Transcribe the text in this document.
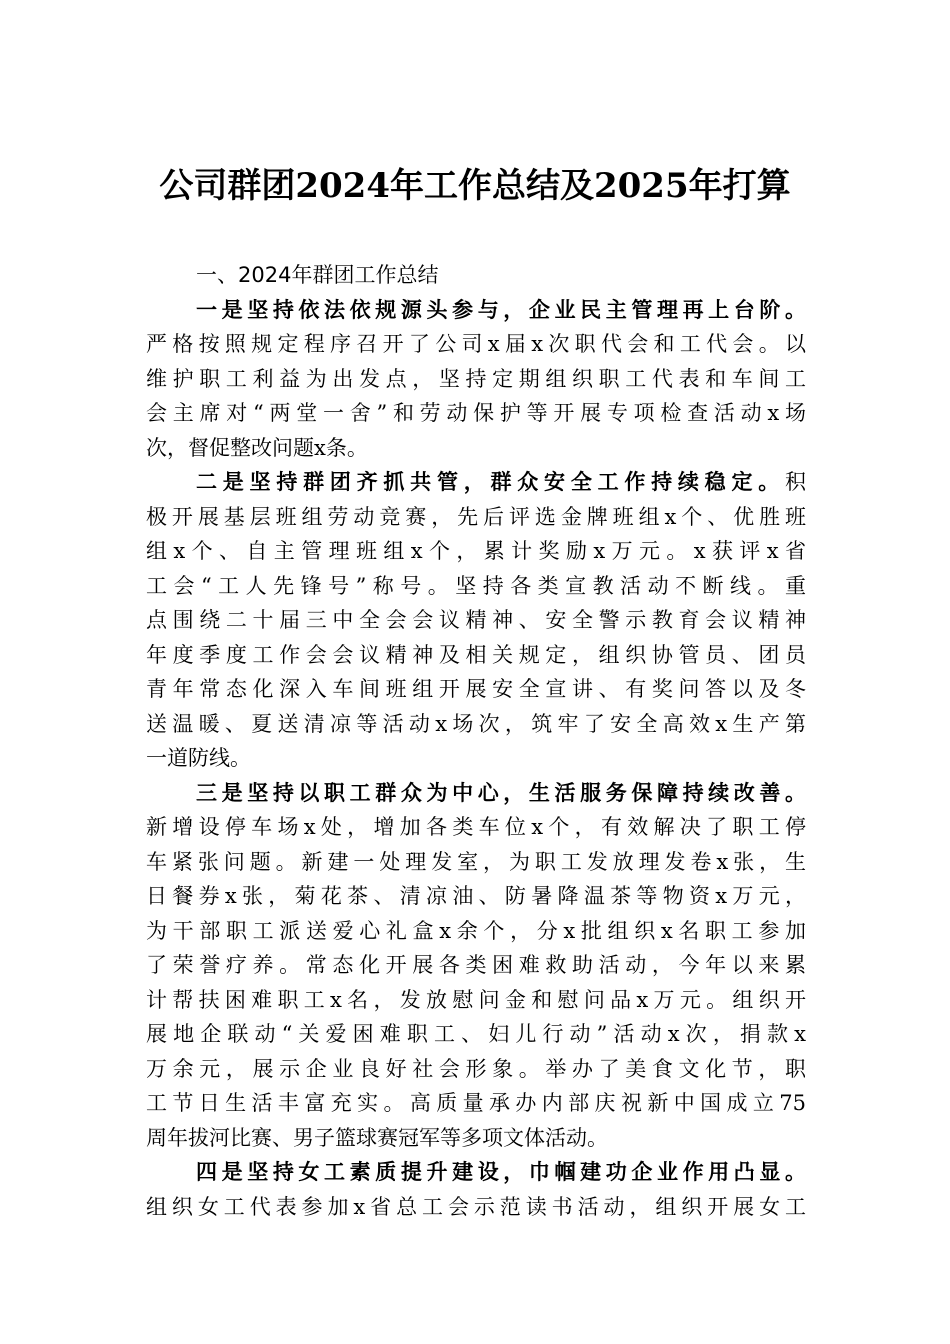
公司群团2024年工作总结及2025年打算
一、2024年群团工作总结
一是坚持依法依规源头参与，企业民主管理再上台阶。
严格按照规定程序召开了公司x届x次职代会和工代会。以
维护职工利益为出发点，坚持定期组织职工代表和车间工
会主席对“两堂一舍”和劳动保护等开展专项检查活动x场
次，督促整改问题x条。
二是坚持群团齐抓共管，群众安全工作持续稳定。积
极开展基层班组劳动竞赛，先后评选金牌班组x个、优胜班
组x个、自主管理班组x个，累计奖励x万元。x获评x省
工会“工人先锋号”称号。坚持各类宣教活动不断线。重
点围绕二十届三中全会会议精神、安全警示教育会议精神
年度季度工作会会议精神及相关规定，组织协管员、团员
青年常态化深入车间班组开展安全宣讲、有奖问答以及冬
送温暖、夏送清凉等活动x场次，筑牢了安全高效x生产第
一道防线。
三是坚持以职工群众为中心，生活服务保障持续改善。
新增设停车场x处，增加各类车位x个，有效解决了职工停
车紧张问题。新建一处理发室，为职工发放理发卷x张，生
日餐券x张，菊花茶、清凉油、防暑降温茶等物资x万元，
为干部职工派送爱心礼盒x余个，分x批组织x名职工参加
了荣誉疗养。常态化开展各类困难救助活动，今年以来累
计帮扶困难职工x名，发放慰问金和慰问品x万元。组织开
展地企联动“关爱困难职工、妇儿行动”活动x次，捐款x
万余元，展示企业良好社会形象。举办了美食文化节，职
工节日生活丰富充实。高质量承办内部庆祝新中国成立75
周年拔河比赛、男子篮球赛冠军等多项文体活动。
四是坚持女工素质提升建设，巾帼建功企业作用凸显。
组织女工代表参加x省总工会示范读书活动，组织开展女工
